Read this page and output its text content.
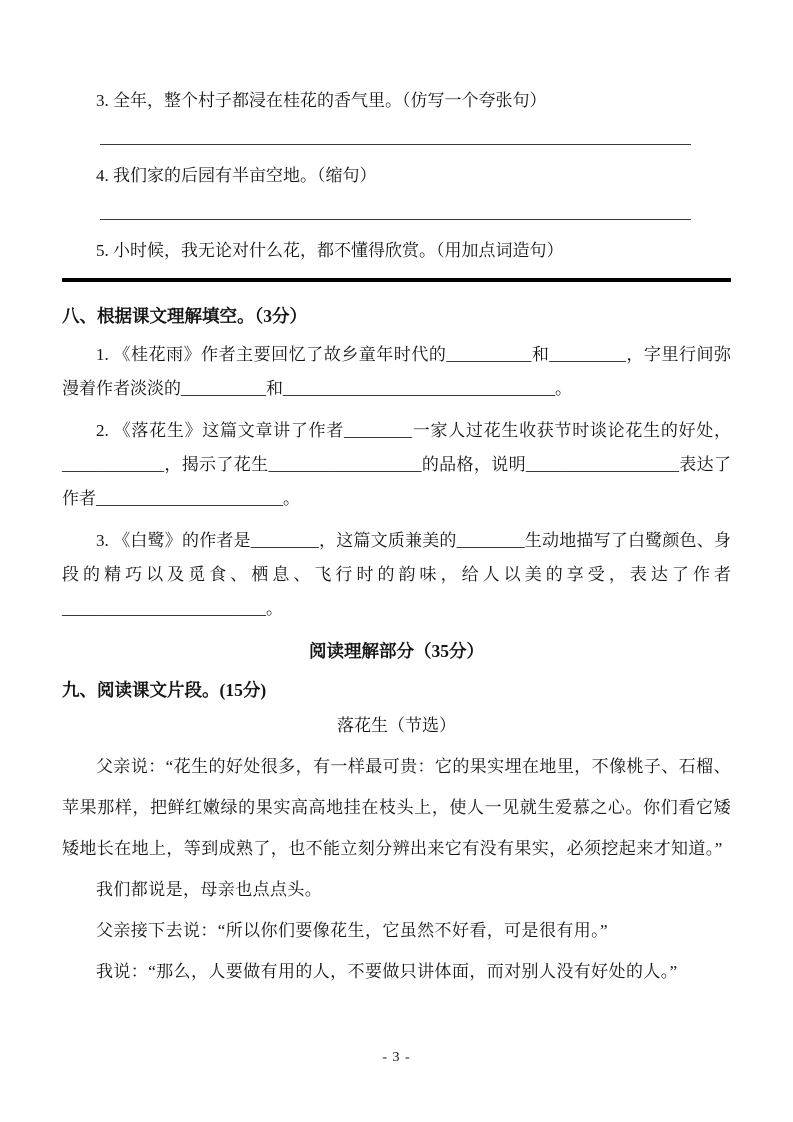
3. 全年，整个村子都浸在桂花的香气里。（仿写一个夸张句）
4. 我们家的后园有半亩空地。（缩句）
5. 小时候，我无论对什么花，都不懂得欣赏。（用加点词造句）
八、根据课文理解填空。（3分）
1. 《桂花雨》作者主要回忆了故乡童年时代的__________和_________，字里行间弥漫着作者淡淡的__________和________________________________。
2. 《落花生》这篇文章讲了作者________一家人过花生收获节时谈论花生的好处，____________，揭示了花生__________________的品格，说明__________________表达了作者______________________。
3. 《白鹭》的作者是________，这篇文质兼美的________生动地描写了白鹭颜色、身段的精巧以及觅食、栖息、飞行时的韵味，给人以美的享受，表达了作者________________________。
阅读理解部分（35分）
九、阅读课文片段。(15分)
落花生（节选）

父亲说：“花生的好处很多，有一样最可贵：它的果实埋在地里，不像桃子、石榴、苹果那样，把鲜红嫩绿的果实高高地挂在枝头上，使人一见就生爱慕之心。你们看它矮矮地长在地上，等到成熟了，也不能立刻分辨出来它有没有果实，必须挖起来才知道。”

我们都说是，母亲也点点头。

父亲接下去说：“所以你们要像花生，它虽然不好看，可是很有用。”

我说：“那么，人要做有用的人，不要做只讲体面，而对别人没有好处的人。”

- 3 -
